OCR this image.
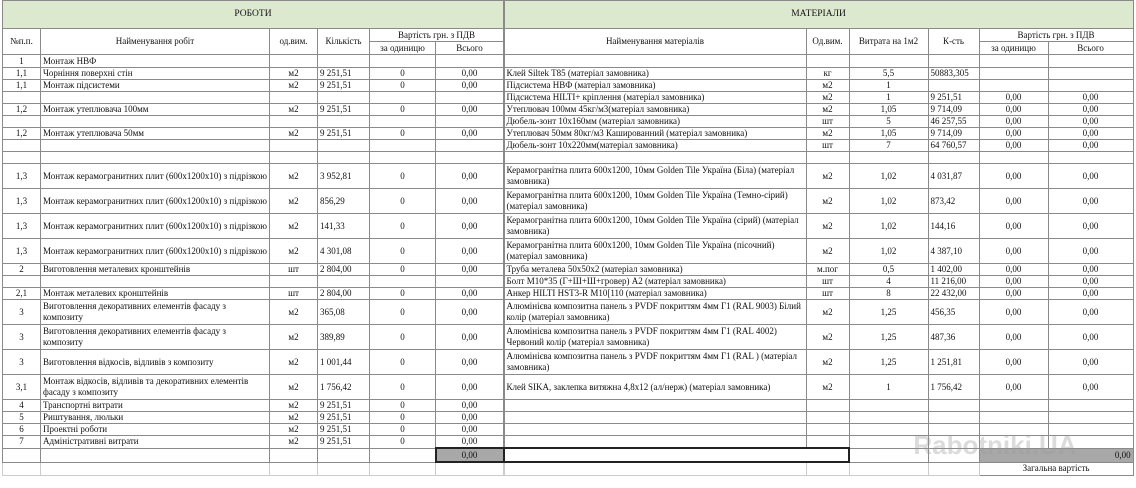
РОБОТИ					
№п.п.	Найменування робіт	од.вим.	Кількість	Вартість грн. з ПДВ	
				за одиницю	Всього
1	Монтаж НВФ				
1,1	Чорніння поверхні стін	м2	9 251,51	0	0,00
1,1	Монтаж підсистеми	м2	9 251,51	0	0,00

1,2	Монтаж утеплювача 100мм	м2	9 251,51	0	0,00

1,2	Монтаж утеплювача 50мм	м2	9 251,51	0	0,00

1,3	Монтаж керамогранитних плит (600х1200х10) з підрізкою	м2	3 952,81	0	0,00
1,3	Монтаж керамогранитних плит (600х1200х10) з підрізкою	м2	856,29	0	0,00
1,3	Монтаж керамогранитних плит (600х1200х10) з підрізкою	м2	141,33	0	0,00
1,3	Монтаж керамогранитних плит (600х1200х10) з підрізкою	м2	4 301,08	0	0,00
2	Виготовлення металевих кронштейнів	шт	2 804,00	0	0,00

2,1	Монтаж металевих кронштейнів	шт	2 804,00	0	0,00
3	Виготовлення декоративних елементів фасаду з композиту	м2	365,08	0	0,00
3	Виготовлення декоративних елементів фасаду з композиту	м2	389,89	0	0,00
3	Виготовлення відкосів, відливів з композиту	м2	1 001,44	0	0,00
3,1	Монтаж відкосів, відливів та декоративних елементів фасаду з композиту	м2	1 756,42	0	0,00
4	Транспортні витрати	м2	9 251,51	0	0,00
5	Риштування, люльки	м2	9 251,51	0	0,00
6	Проектні роботи	м2	9 251,51	0	0,00
7	Адміністративні витрати	м2	9 251,51	0	0,00
					0,00

МАТЕРІАЛИ					
Найменування матеріалів	Од.вим.	Витрата на 1м2	К-сть	Вартість грн. з ПДВ	
				за одиницю	Всього

Клей Siltek T85 (матеріал замовника)	кг	5,5	50883,305		
Підсистема НВФ (матеріал замовника)	м2	1			
Підсистема HILTI+ кріплення (матеріал замовника)	м2	1	9 251,51	0,00	0,00
Утеплювач 100мм 45кг/м3(матеріал замовника)	м2	1,05	9 714,09	0,00	0,00
Дюбель-зонт 10х160мм (матеріал замовника)	шт	5	46 257,55	0,00	0,00
Утеплювач 50мм 80кг/м3 Кашированний (матеріал замовника)	м2	1,05	9 714,09	0,00	0,00
Дюбель-зонт 10х220мм(матеріал замовника)	шт	7	64 760,57	0,00	0,00

Керамогранітна плита 600х1200, 10мм Golden Tile Україна (Біла) (матеріал замовника)	м2	1,02	4 031,87	0,00	0,00
Керамогранітна плита 600х1200, 10мм Golden Tile Україна (Темно-сірий) (матеріал замовника)	м2	1,02	873,42	0,00	0,00
Керамогранітна плита 600х1200, 10мм Golden Tile Україна (сірий) (матеріал замовника)	м2	1,02	144,16	0,00	0,00
Керамогранітна плита 600х1200, 10мм Golden Tile Україна (пісочний) (матеріал замовника)	м2	1,02	4 387,10	0,00	0,00
Труба металева 50х50х2 (матеріал замовника)	м.пог	0,5	1 402,00	0,00	0,00
Болт М10*35 (Г+Ш+Ш+гровер) А2 (матеріал замовника)	шт	4	11 216,00	0,00	0,00
Анкер HILTI HST3-R M10[110 (матеріал замовника)	шт	8	22 432,00	0,00	0,00
Алюмінієва композитна панель з PVDF покриттям 4мм Г1 (RAL 9003) Білий колір (матеріал замовника)	м2	1,25	456,35	0,00	0,00
Алюмінієва композитна панель з PVDF покриттям 4мм Г1 (RAL 4002) Червоний колір (матеріал замовника)	м2	1,25	487,36	0,00	0,00
Алюмінієва композитна панель з PVDF покриттям 4мм Г1 (RAL ) (матеріал замовника)	м2	1,25	1 251,81	0,00	0,00
Клей SIKA, заклепка витяжна 4,8х12 (ал/нерж) (матеріал замовника)	м2	1	1 756,42	0,00	0,00

				0,00	
				Загальна вартість	
Rabotniki.UA
